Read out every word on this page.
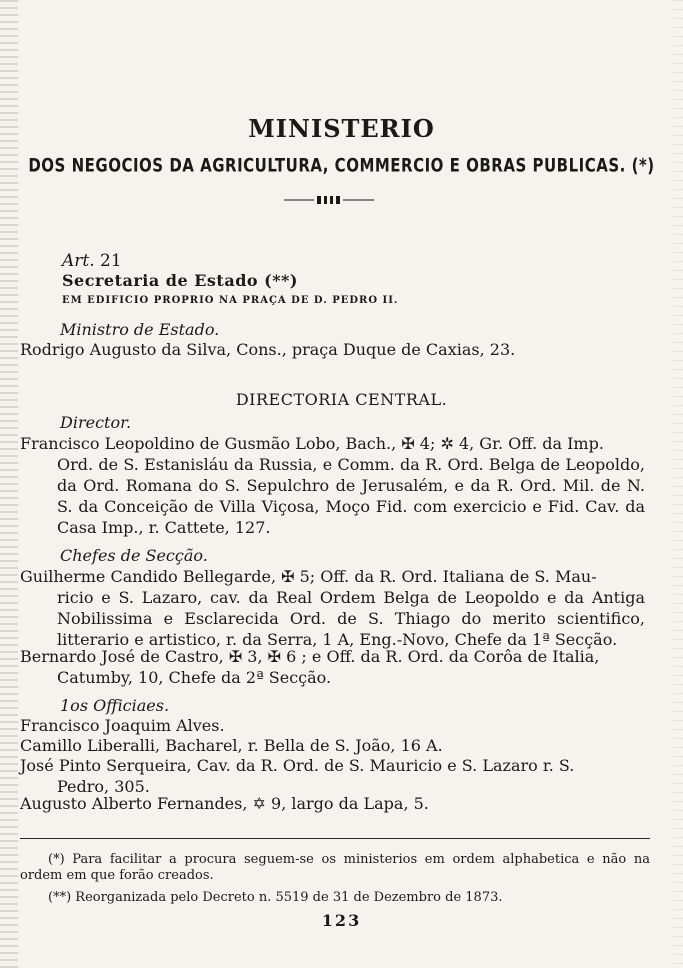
MINISTERIO
DOS NEGOCIOS DA AGRICULTURA, COMMERCIO E OBRAS PUBLICAS. (*)
Art. 21
Secretaria de Estado (**)
EM EDIFICIO PROPRIO NA PRAÇA DE D. PEDRO II.
Ministro de Estado.
Rodrigo Augusto da Silva, Cons., praça Duque de Caxias, 23.
DIRECTORIA CENTRAL.
Director.
Francisco Leopoldino de Gusmão Lobo, Bach., ✠ 4; ✲ 4, Gr. Off. da Imp.
Ord. de S. Estanisláu da Russia, e Comm. da R. Ord. Belga de Leopoldo, da Ord. Romana do S. Sepulchro de Jerusalém, e da R. Ord. Mil. de N. S. da Conceição de Villa Viçosa, Moço Fid. com exercicio e Fid. Cav. da Casa Imp., r. Cattete, 127.
Chefes de Secção.
Guilherme Candido Bellegarde, ✠ 5; Off. da R. Ord. Italiana de S. Mau-
ricio e S. Lazaro, cav. da Real Ordem Belga de Leopoldo e da Antiga Nobilissima e Esclarecida Ord. de S. Thiago do merito scientifico, litterario e artistico, r. da Serra, 1 A, Eng.-Novo, Chefe da 1ª Secção.
Bernardo José de Castro, ✠ 3, ✠ 6 ; e Off. da R. Ord. da Corôa de Italia,
Catumby, 10, Chefe da 2ª Secção.
1os Officiaes.
Francisco Joaquim Alves.
Camillo Liberalli, Bacharel, r. Bella de S. João, 16 A.
José Pinto Serqueira, Cav. da R. Ord. de S. Mauricio e S. Lazaro r. S.
Pedro, 305.
Augusto Alberto Fernandes, ✡ 9, largo da Lapa, 5.
(*) Para facilitar a procura seguem-se os ministerios em ordem alphabetica e não na ordem em que forão creados.
(**) Reorganizada pelo Decreto n. 5519 de 31 de Dezembro de 1873.
123
